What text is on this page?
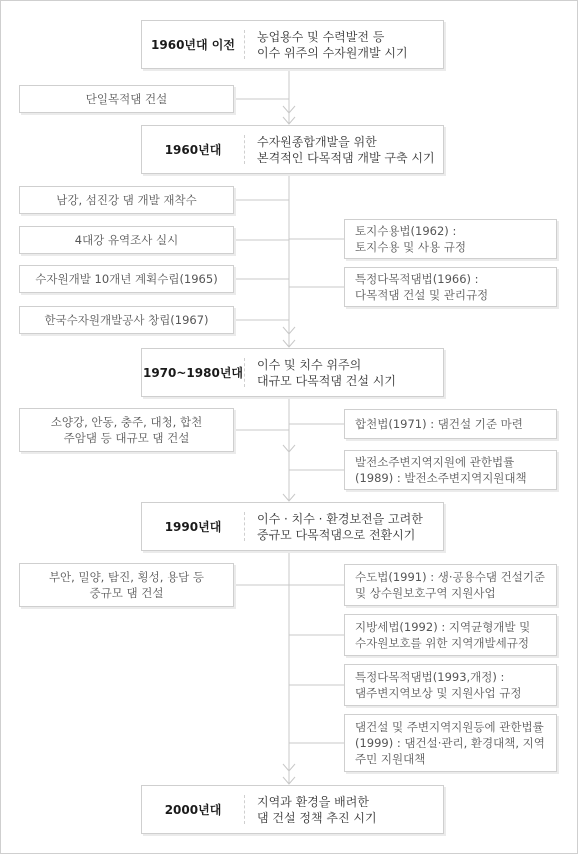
1960년대 이전
농업용수 및 수력발전 등
이수 위주의 수자원개발 시기
1960년대
수자원종합개발을 위한
본격적인 다목적댐 개발 구축 시기
1970~1980년대
이수 및 치수 위주의
대규모 다목적댐 건설 시기
1990년대
이수 · 치수 · 환경보전을 고려한
중규모 다목적댐으로 전환시기
2000년대
지역과 환경을 배려한
댐 건설 정책 추진 시기
단일목적댐 건설
남강, 섬진강 댐 개발 재착수
4대강 유역조사 실시
수자원개발 10개년 계획수립(1965)
한국수자원개발공사 창립(1967)
소양강, 안동, 충주, 대청, 합천
주암댐 등 대규모 댐 건설
부안, 밀양, 탐진, 횡성, 용담 등
중규모 댐 건설
토지수용법(1962) :
토지수용 및 사용 규정
특정다목적댐법(1966) :
다목적댐 건설 및 관리규정
합천법(1971) : 댐건설 기준 마련
발전소주변지역지원에 관한법률
(1989) : 발전소주변지역지원대책
수도법(1991) : 생·공용수댐 건설기준
및 상수원보호구역 지원사업
지방세법(1992) : 지역균형개발 및
수자원보호를 위한 지역개발세규정
특정다목적댐법(1993,개정) :
댐주변지역보상 및 지원사업 규정
댐건설 및 주변지역지원등에 관한법률
(1999) : 댐건설·관리, 환경대책, 지역
주민 지원대책
